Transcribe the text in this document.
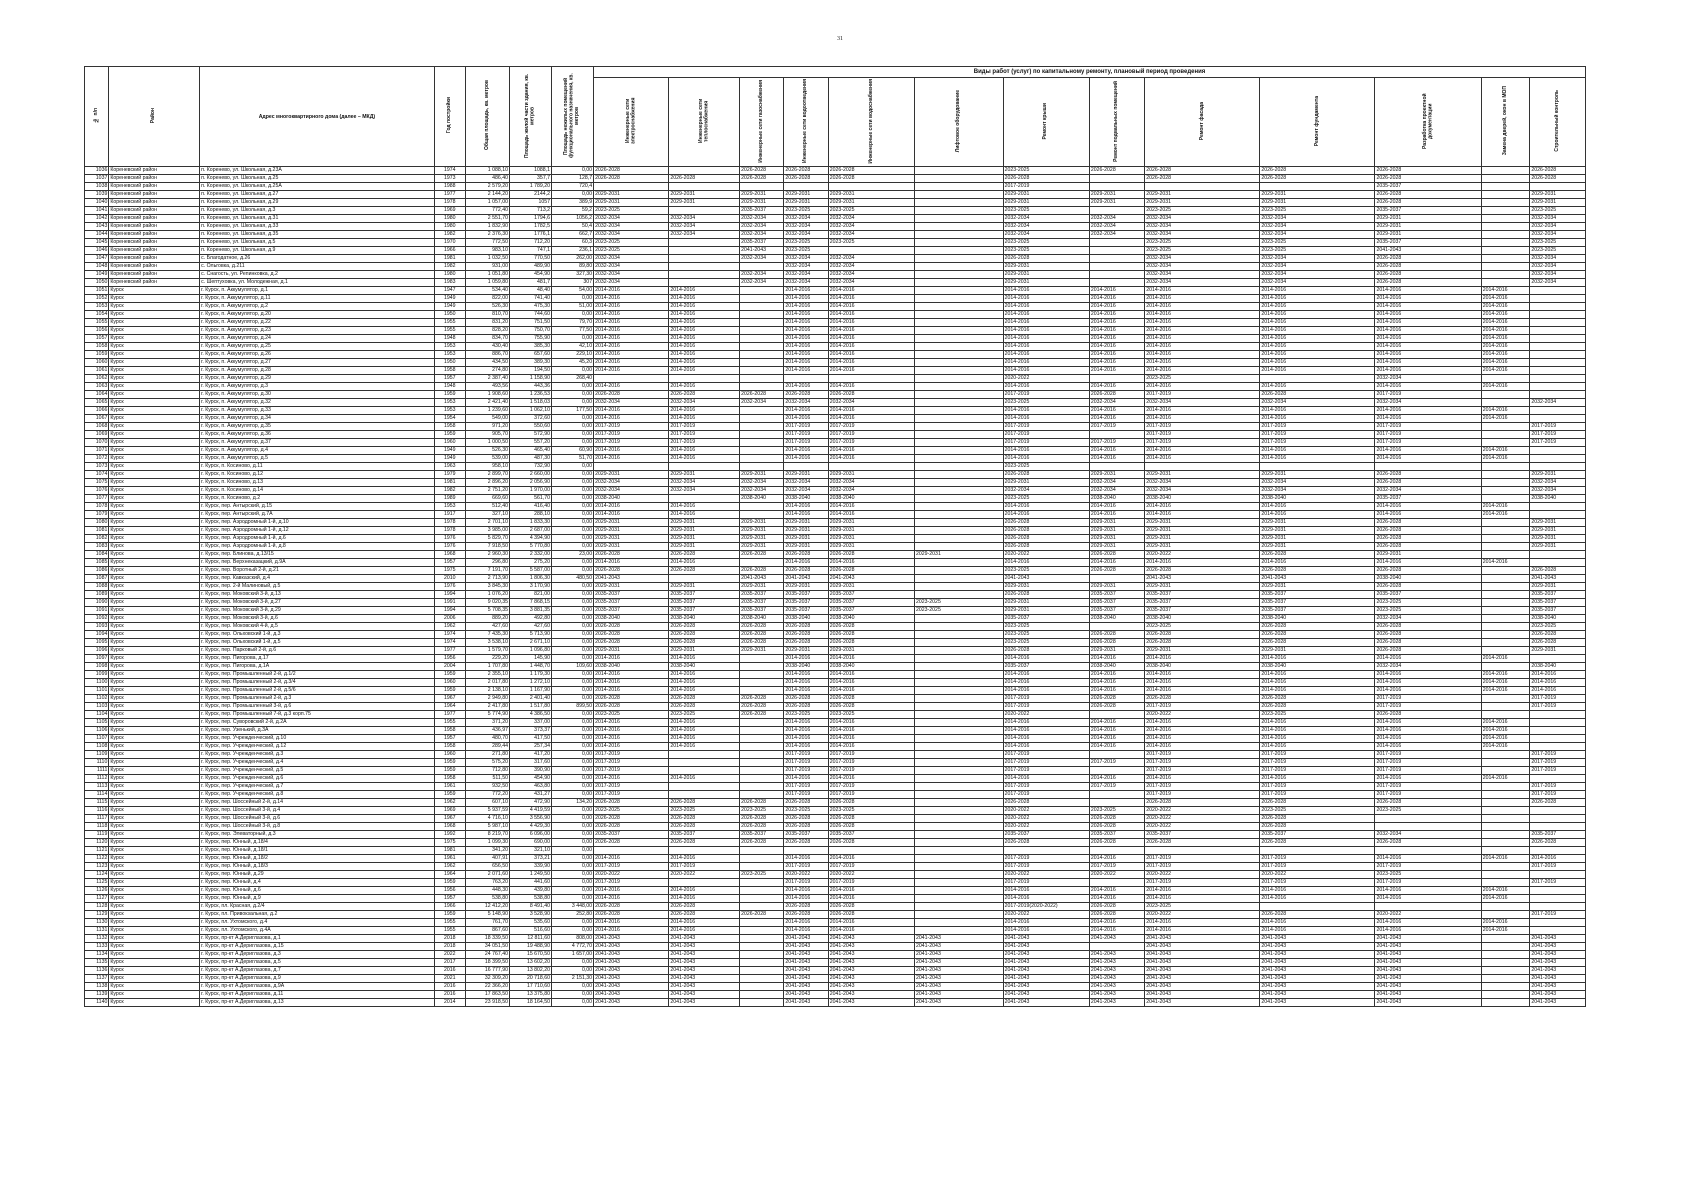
31
№ п/п	Район	Адрес многоквартирного дома (далее – МКД)	Год постройки	Общая площадь, кв. метров	Площадь жилой части здания, кв. метров	Площадь нежилых помещений функционального назначения, кв. метров	Виды работ (услуг) по капитальному ремонту, плановый период проведения												
							Инженерные сети электроснабжения	Инженерные сети теплоснабжения	Инженерные сети газоснабжения	Инженерные сети водоотведения	Инженерные сети водоснабжения	Лифтовое оборудование	Ремонт крыши	Ремонт подвальных помещений	Ремонт фасада	Ремонт фундамента	Разработка проектной документации	Замена дверей, окон в МОП	Строительный контроль
1036	Кореневский район	п. Коренево, ул. Школьная, д.23А	1974	1 088,10	1088,1	0,00	2026-2028		2026-2028	2026-2028	2026-2028		2023-2025	2026-2028	2026-2028	2026-2028	2026-2028		2026-2028
1037	Кореневский район	п. Коренево, ул. Школьная, д.25	1973	486,40	357,7	128,7	2026-2028	2026-2028	2026-2028	2026-2028	2026-2028		2026-2028		2026-2028	2026-2028	2026-2028		2026-2028
1038	Кореневский район	п. Коренево, ул. Школьная, д.25А	1988	2 579,20	1 789,20	720,4							2017-2019				2035-2037		
1039	Кореневский район	п. Коренево, ул. Школьная, д.27	1977	2 144,20	2144,2	0,00	2029-2031	2029-2031	2029-2031	2029-2031	2029-2031		2029-2031	2029-2031	2029-2031	2029-2031	2026-2028		2029-2031
1040	Кореневский район	п. Коренево, ул. Школьная, д.29	1978	1 057,00	1057	389,9	2029-2031	2029-2031	2029-2031	2029-2031	2029-2031		2029-2031	2029-2031	2029-2031	2029-2031	2026-2028		2029-2031
1041	Кореневский район	п. Коренево, ул. Школьная, д.3	1969	772,40	713,2	59,2	2023-2025		2035-2037	2023-2025	2023-2025		2023-2025		2023-2025	2023-2025	2035-2037		2023-2025
1042	Кореневский район	п. Коренево, ул. Школьная, д.31	1980	2 551,70	1794,6	1056,2	2032-2034	2032-2034	2032-2034	2032-2034	2032-2034		2032-2034	2032-2034	2032-2034	2032-2034	2029-2031		2032-2034
1043	Кореневский район	п. Коренево, ул. Школьная, д.33	1980	1 832,90	1782,5	50,4	2032-2034	2032-2034	2032-2034	2032-2034	2032-2034		2032-2034	2032-2034	2032-2034	2032-2034	2029-2031		2032-2034
1044	Кореневский район	п. Коренево, ул. Школьная, д.35	1982	2 376,30	1776,1	662,7	2032-2034	2032-2034	2032-2034	2032-2034	2032-2034		2032-2034	2032-2034	2032-2034	2032-2034	2029-2031		2032-2034
1045	Кореневский район	п. Коренево, ул. Школьная, д.5	1970	772,50	712,20	60,3	2023-2025		2035-2037	2023-2025	2023-2025		2023-2025		2023-2025	2023-2025	2035-2037		2023-2025
1046	Кореневский район	п. Коренево, ул. Школьная, д.9	1966	983,10	747,1	236,1	2023-2025		2041-2043	2023-2025			2023-2025		2023-2025	2023-2025	2041-2043		2023-2025
1047	Кореневский район	с. Благодатное, д.26	1981	1 032,50	770,50	262,00	2032-2034		2032-2034	2032-2034	2032-2034		2026-2028		2032-2034	2032-2034	2026-2028		2032-2034
1048	Кореневский район	с. Ольговка, д.211	1982	931,00	489,90	89,80	2032-2034			2032-2034	2032-2034		2029-2031		2032-2034	2032-2034	2026-2028		2032-2034
1049	Кореневский район	с. Снагость, ул. Репинковка, д.2	1980	1 051,80	454,90	327,30	2032-2034		2032-2034	2032-2034	2032-2034		2029-2031		2032-2034	2032-2034	2026-2028		2032-2034
1050	Кореневский район	с. Шептуховка, ул. Молодежная, д.1	1983	1 059,80	481,7	307	2032-2034		2032-2034	2032-2034	2032-2034		2029-2031		2032-2034	2032-2034	2026-2028		2032-2034
1051	Курск	г. Курск, п. Аккумулятор, д.1	1947	534,40	48,40	54,00	2014-2016	2014-2016		2014-2016	2014-2016		2014-2016	2014-2016	2014-2016	2014-2016	2014-2016	2014-2016	
1052	Курск	г. Курск, п. Аккумулятор, д.11	1949	822,00	741,40	0,00	2014-2016	2014-2016		2014-2016	2014-2016		2014-2016	2014-2016	2014-2016	2014-2016	2014-2016	2014-2016	
1053	Курск	г. Курск, п. Аккумулятор, д.2	1949	526,30	475,30	51,00	2014-2016	2014-2016		2014-2016	2014-2016		2014-2016	2014-2016	2014-2016	2014-2016	2014-2016	2014-2016	
1054	Курск	г. Курск, п. Аккумулятор, д.20	1950	810,70	744,60	0,00	2014-2016	2014-2016		2014-2016	2014-2016		2014-2016	2014-2016	2014-2016	2014-2016	2014-2016	2014-2016	
1055	Курск	г. Курск, п. Аккумулятор, д.22	1955	831,20	751,50	79,70	2014-2016	2014-2016		2014-2016	2014-2016		2014-2016	2014-2016	2014-2016	2014-2016	2014-2016	2014-2016	
1056	Курск	г. Курск, п. Аккумулятор, д.23	1955	828,20	750,70	77,50	2014-2016	2014-2016		2014-2016	2014-2016		2014-2016	2014-2016	2014-2016	2014-2016	2014-2016	2014-2016	
1057	Курск	г. Курск, п. Аккумулятор, д.24	1948	834,70	755,90	0,00	2014-2016	2014-2016		2014-2016	2014-2016		2014-2016	2014-2016	2014-2016	2014-2016	2014-2016	2014-2016	
1058	Курск	г. Курск, п. Аккумулятор, д.25	1953	430,40	385,30	42,10	2014-2016	2014-2016		2014-2016	2014-2016		2014-2016	2014-2016	2014-2016	2014-2016	2014-2016	2014-2016	
1059	Курск	г. Курск, п. Аккумулятор, д.26	1953	886,70	657,60	229,10	2014-2016	2014-2016		2014-2016	2014-2016		2014-2016	2014-2016	2014-2016	2014-2016	2014-2016	2014-2016	
1060	Курск	г. Курск, п. Аккумулятор, д.27	1950	434,50	389,30	45,20	2014-2016	2014-2016		2014-2016	2014-2016		2014-2016	2014-2016	2014-2016	2014-2016	2014-2016	2014-2016	
1061	Курск	г. Курск, п. Аккумулятор, д.28	1958	274,80	194,50	0,00	2014-2016	2014-2016		2014-2016	2014-2016		2014-2016	2014-2016	2014-2016	2014-2016	2014-2016	2014-2016	
1062	Курск	г. Курск, п. Аккумулятор, д.29	1957	2 387,40	1 158,90	268,40							2020-2022		2023-2025		2032-2034		
1063	Курск	г. Курск, п. Аккумулятор, д.3	1948	493,56	443,36	0,00	2014-2016	2014-2016		2014-2016	2014-2016		2014-2016	2014-2016	2014-2016	2014-2016	2014-2016	2014-2016	
1064	Курск	г. Курск, п. Аккумулятор, д.30	1959	1 908,60	1 236,53	0,00	2026-2028	2026-2028	2026-2028	2026-2028	2026-2028		2017-2019	2026-2028	2017-2019	2026-2028	2017-2019		
1065	Курск	г. Курск, п. Аккумулятор, д.32	1953	2 421,40	1 518,03	0,00	2032-2034	2032-2034	2032-2034	2032-2034	2032-2034		2023-2025	2032-2034	2032-2034	2032-2034	2032-2034		2032-2034
1066	Курск	г. Курск, п. Аккумулятор, д.33	1953	1 239,60	1 062,10	177,50	2014-2016	2014-2016		2014-2016	2014-2016		2014-2016	2014-2016	2014-2016	2014-2016	2014-2016	2014-2016	
1067	Курск	г. Курск, п. Аккумулятор, д.34	1954	549,00	372,60	0,00	2014-2016	2014-2016		2014-2016	2014-2016		2014-2016	2014-2016	2014-2016	2014-2016	2014-2016	2014-2016	
1068	Курск	г. Курск, п. Аккумулятор, д.35	1958	971,20	550,60	0,00	2017-2019	2017-2019		2017-2019	2017-2019		2017-2019	2017-2019	2017-2019	2017-2019	2017-2019		2017-2019
1069	Курск	г. Курск, п. Аккумулятор, д.36	1959	905,70	572,90	0,00	2017-2019	2017-2019		2017-2019	2017-2019		2017-2019		2017-2019	2017-2019	2017-2019		2017-2019
1070	Курск	г. Курск, п. Аккумулятор, д.37	1960	1 000,50	557,20	0,00	2017-2019	2017-2019		2017-2019	2017-2019		2017-2019	2017-2019	2017-2019	2017-2019	2017-2019		2017-2019
1071	Курск	г. Курск, п. Аккумулятор, д.4	1949	526,30	465,40	60,90	2014-2016	2014-2016		2014-2016	2014-2016		2014-2016	2014-2016	2014-2016	2014-2016	2014-2016	2014-2016	
1072	Курск	г. Курск, п. Аккумулятор, д.5	1949	539,00	487,30	51,70	2014-2016	2014-2016		2014-2016	2014-2016		2014-2016	2014-2016	2014-2016	2014-2016	2014-2016	2014-2016	
1073	Курск	г. Курск, п. Косиново, д.11	1963	958,10	732,90	0,00							2023-2025						
1074	Курск	г. Курск, п. Косиново, д.12	1979	2 899,70	2 660,00	0,00	2029-2031	2029-2031	2029-2031	2029-2031	2029-2031		2026-2028	2029-2031	2029-2031	2029-2031	2026-2028		2029-2031
1075	Курск	г. Курск, п. Косиново, д.13	1981	2 896,20	2 056,90	0,00	2032-2034	2032-2034	2032-2034	2032-2034	2032-2034		2029-2031	2032-2034	2032-2034	2032-2034	2026-2028		2032-2034
1076	Курск	г. Курск, п. Косиново, д.14	1982	2 751,20	1 970,00	0,00	2032-2034	2032-2034	2032-2034	2032-2034	2032-2034		2032-2034	2032-2034	2032-2034	2032-2034	2032-2034		2032-2034
1077	Курск	г. Курск, п. Косиново, д.2	1989	669,60	561,70	0,00	2038-2040		2038-2040	2038-2040	2038-2040		2023-2025	2038-2040	2038-2040	2038-2040	2035-2037		2038-2040
1078	Курск	г. Курск, пер. Антырский, д.15	1953	512,40	416,40	0,00	2014-2016	2014-2016		2014-2016	2014-2016		2014-2016	2014-2016	2014-2016	2014-2016	2014-2016	2014-2016	
1079	Курск	г. Курск, пер. Антырский, д.7А	1917	327,10	288,10	0,00	2014-2016	2014-2016		2014-2016	2014-2016		2014-2016	2014-2016	2014-2016	2014-2016	2014-2016	2014-2016	
1080	Курск	г. Курск, пер. Аэродромный 1-й, д.10	1978	2 701,10	1 833,30	0,00	2029-2031	2029-2031	2029-2031	2029-2031	2029-2031		2026-2028	2029-2031	2029-2031	2029-2031	2026-2028		2029-2031
1081	Курск	г. Курск, пер. Аэродромный 1-й, д.12	1978	3 985,00	2 687,00	0,00	2029-2031	2029-2031	2029-2031	2029-2031	2029-2031		2026-2028	2029-2031	2029-2031	2029-2031	2026-2028		2029-2031
1082	Курск	г. Курск, пер. Аэродромный 1-й, д.6	1976	5 829,70	4 394,90	0,00	2029-2031	2029-2031	2029-2031	2029-2031	2029-2031		2026-2028	2029-2031	2029-2031	2029-2031	2026-2028		2029-2031
1083	Курск	г. Курск, пер. Аэродромный 1-й, д.8	1976	7 918,50	5 770,80	0,00	2029-2031	2029-2031	2029-2031	2029-2031	2029-2031		2026-2028	2029-2031	2029-2031	2029-2031	2026-2028		2029-2031
1084	Курск	г. Курск, пер. Блинова, д.13/15	1968	2 960,30	2 332,00	23,00	2026-2028	2026-2028	2026-2028	2026-2028	2026-2028	2029-2031	2020-2022	2026-2028	2020-2022	2026-2028	2029-2031		
1085	Курск	г. Курск, пер. Верхнеказацкий, д.9А	1957	296,80	275,20	0,00	2014-2016	2014-2016		2014-2016	2014-2016		2014-2016	2014-2016	2014-2016	2014-2016	2014-2016	2014-2016	
1086	Курск	г. Курск, пер. Воротный 2-й, д.21	1975	7 191,70	5 587,00	0,00	2026-2028	2026-2028	2026-2028	2026-2028	2026-2028		2023-2025	2026-2028	2026-2028	2026-2028	2026-2028		2026-2028
1087	Курск	г. Курск, пер. Кавказский, д.4	2010	2 713,90	1 806,30	480,50	2041-2043		2041-2043	2041-2043	2041-2043		2041-2043		2041-2043	2041-2043	2038-2040		2041-2043
1088	Курск	г. Курск, пер. 2-й Малиновый, д.5	1976	3 845,30	3 170,90	0,00	2029-2031	2029-2031	2029-2031	2029-2031	2029-2031		2029-2031	2029-2031	2029-2031	2029-2031	2026-2028		2029-2031
1089	Курск	г. Курск, пер. Моковский 3-й, д.13	1994	1 076,20	821,00	0,00	2035-2037	2035-2037	2035-2037	2035-2037	2035-2037		2026-2028	2035-2037	2035-2037	2035-2037	2035-2037		2035-2037
1090	Курск	г. Курск, пер. Моковский 3-й, д.27	1991	9 020,35	7 868,15	0,00	2035-2037	2035-2037	2035-2037	2035-2037	2035-2037	2023-2025	2029-2031	2035-2037	2035-2037	2035-2037	2023-2025		2035-2037
1091	Курск	г. Курск, пер. Моковский 3-й, д.29	1994	5 708,35	3 881,35	0,00	2035-2037	2035-2037	2035-2037	2035-2037	2035-2037	2023-2025	2029-2031	2035-2037	2035-2037	2035-2037	2023-2025		2035-2037
1092	Курск	г. Курск, пер. Моковский 3-й, д.6	2006	889,20	492,80	0,00	2038-2040	2038-2040	2038-2040	2038-2040	2038-2040		2035-2037	2038-2040	2038-2040	2038-2040	2032-2034		2038-2040
1093	Курск	г. Курск, пер. Моковский 4-й, д.5	1962	427,60	427,60	0,00	2026-2028	2026-2028	2026-2028	2026-2028	2026-2028		2023-2025		2023-2025	2026-2028	2026-2028		2023-2025
1094	Курск	г. Курск, пер. Ольховский 1-й, д.3	1974	7 435,30	5 713,90	0,00	2026-2028	2026-2028	2026-2028	2026-2028	2026-2028		2023-2025	2026-2028	2026-2028	2026-2028	2026-2028		2026-2028
1095	Курск	г. Курск, пер. Ольховский 1-й, д.5	1974	3 538,10	2 671,10	0,00	2026-2028	2026-2028	2026-2028	2026-2028	2026-2028		2023-2025	2026-2028	2026-2028	2026-2028	2026-2028		2026-2028
1096	Курск	г. Курск, пер. Парковый 2-й, д.6	1977	1 579,70	1 096,80	0,00	2029-2031	2029-2031	2029-2031	2029-2031	2029-2031		2026-2028	2029-2031	2029-2031	2029-2031	2026-2028		2029-2031
1097	Курск	г. Курск, пер. Пигорова, д.17	1956	229,20	145,90	0,00	2014-2016	2014-2016		2014-2016	2014-2016		2014-2016	2014-2016	2014-2016	2014-2016	2014-2016	2014-2016	
1098	Курск	г. Курск, пер. Пигорова, д.1А	2004	1 707,80	1 448,70	109,60	2038-2040	2038-2040		2038-2040	2038-2040		2035-2037	2038-2040	2038-2040	2038-2040	2032-2034		2038-2040
1099	Курск	г. Курск, пер. Промышленный 2-й, д.1/2	1959	2 355,10	1 179,30	0,00	2014-2016	2014-2016		2014-2016	2014-2016		2014-2016	2014-2016	2014-2016	2014-2016	2014-2016	2014-2016	2014-2016
1100	Курск	г. Курск, пер. Промышленный 2-й, д.3/4	1960	2 017,80	1 272,10	0,00	2014-2016	2014-2016		2014-2016	2014-2016		2014-2016	2014-2016	2014-2016	2014-2016	2014-2016	2014-2016	2014-2016
1101	Курск	г. Курск, пер. Промышленный 2-й, д.5/6	1959	2 138,10	1 167,90	0,00	2014-2016	2014-2016		2014-2016	2014-2016		2014-2016	2014-2016	2014-2016	2014-2016	2014-2016	2014-2016	2014-2016
1102	Курск	г. Курск, пер. Промышленный 2-й, д.3	1967	2 949,80	2 401,40	0,00	2026-2028	2026-2028	2026-2028	2026-2028	2026-2028		2017-2019	2026-2028	2026-2028	2026-2028	2017-2019		2017-2019
1103	Курск	г. Курск, пер. Промышленный 3-й, д.6	1964	2 417,80	1 517,80	899,50	2026-2028	2026-2028	2026-2028	2026-2028	2026-2028		2017-2019	2026-2028	2017-2019	2026-2028	2017-2019		2017-2019
1104	Курск	г. Курск, пер. Промышленный 7-й, д.3 корп.75	1977	5 774,90	4 386,50	0,00	2023-2025	2023-2025	2026-2028	2023-2025	2023-2025		2020-2022		2020-2022	2023-2025	2026-2028		
1105	Курск	г. Курск, пер. Суворовский 2-й, д.2А	1955	371,20	337,00	0,00	2014-2016	2014-2016		2014-2016	2014-2016		2014-2016	2014-2016	2014-2016	2014-2016	2014-2016	2014-2016	
1106	Курск	г. Курск, пер. Узенький, д.3А	1958	436,97	373,37	0,00	2014-2016	2014-2016		2014-2016	2014-2016		2014-2016	2014-2016	2014-2016	2014-2016	2014-2016	2014-2016	
1107	Курск	г. Курск, пер. Учрежденческий, д.10	1957	480,70	417,50	0,00	2014-2016	2014-2016		2014-2016	2014-2016		2014-2016	2014-2016	2014-2016	2014-2016	2014-2016	2014-2016	
1108	Курск	г. Курск, пер. Учрежденческий, д.12	1958	289,44	257,34	0,00	2014-2016	2014-2016		2014-2016	2014-2016		2014-2016	2014-2016	2014-2016	2014-2016	2014-2016	2014-2016	
1109	Курск	г. Курск, пер. Учрежденческий, д.3	1960	271,80	417,20	0,00	2017-2019			2017-2019	2017-2019		2017-2019		2017-2019	2017-2019	2017-2019		2017-2019
1110	Курск	г. Курск, пер. Учрежденческий, д.4	1959	575,20	317,60	0,00	2017-2019			2017-2019	2017-2019		2017-2019	2017-2019	2017-2019	2017-2019	2017-2019		2017-2019
1111	Курск	г. Курск, пер. Учрежденческий, д.5	1959	712,80	390,90	0,00	2017-2019			2017-2019	2017-2019		2017-2019		2017-2019	2017-2019	2017-2019		2017-2019
1112	Курск	г. Курск, пер. Учрежденческий, д.6	1958	511,50	454,90	0,00	2014-2016	2014-2016		2014-2016	2014-2016		2014-2016	2014-2016	2014-2016	2014-2016	2014-2016	2014-2016	
1113	Курск	г. Курск, пер. Учрежденческий, д.7	1961	932,50	463,80	0,00	2017-2019			2017-2019	2017-2019		2017-2019	2017-2019	2017-2019	2017-2019	2017-2019		2017-2019
1114	Курск	г. Курск, пер. Учрежденческий, д.8	1959	772,20	431,27	0,00	2017-2019			2017-2019	2017-2019		2017-2019		2017-2019	2017-2019	2017-2019		2017-2019
1115	Курск	г. Курск, пер. Шоссейный 2-й, д.14	1962	607,10	472,90	134,20	2026-2028	2026-2028	2026-2028	2026-2028	2026-2028		2026-2028		2026-2028	2026-2028	2026-2028		2026-2028
1116	Курск	г. Курск, пер. Шоссейный 3-й, д.4	1969	5 937,59	4 419,59	0,00	2023-2025	2023-2025	2023-2025	2023-2025	2023-2025		2020-2022	2023-2025	2020-2022	2023-2025	2023-2025		
1117	Курск	г. Курск, пер. Шоссейный 3-й, д.6	1967	4 716,10	3 556,90	0,00	2026-2028	2026-2028	2026-2028	2026-2028	2026-2028		2020-2022	2026-2028	2020-2022	2026-2028			
1118	Курск	г. Курск, пер. Шоссейный 3-й, д.8	1968	5 987,10	4 429,30	0,00	2026-2028	2026-2028	2026-2028	2026-2028	2026-2028		2020-2022	2026-2028	2020-2022	2026-2028			
1119	Курск	г. Курск, пер. Элеваторный, д.3	1992	8 219,70	6 096,00	0,00	2035-2037	2035-2037	2035-2037	2035-2037	2035-2037		2035-2037	2035-2037	2035-2037	2035-2037	2032-2034		2035-2037
1120	Курск	г. Курск, пер. Юнный, д.18/4	1975	1 099,30	690,00	0,00	2026-2028	2026-2028	2026-2028	2026-2028	2026-2028		2026-2028	2026-2028	2026-2028	2026-2028	2026-2028		2026-2028
1121	Курск	г. Курск, пер. Юнный, д.18/1	1981	341,20	321,10	0,00													
1122	Курск	г. Курск, пер. Юнный, д.18/2	1961	407,91	373,21	0,00	2014-2016	2014-2016		2014-2016	2014-2016		2017-2019	2014-2016	2017-2019	2017-2019	2014-2016	2014-2016	2014-2016
1123	Курск	г. Курск, пер. Юнный, д.18/3	1962	656,50	339,90	0,00	2017-2019	2017-2019		2017-2019	2017-2019		2017-2019	2017-2019	2017-2019	2017-2019	2017-2019		2017-2019
1124	Курск	г. Курск, пер. Юнный, д.29	1964	2 071,60	1 249,50	0,00	2020-2022	2020-2022	2023-2025	2020-2022	2020-2022		2020-2022	2020-2022	2020-2022	2020-2022	2023-2025		
1125	Курск	г. Курск, пер. Юнный, д.4	1959	763,20	441,60	0,00	2017-2019			2017-2019	2017-2019		2017-2019		2017-2019	2017-2019	2017-2019		2017-2019
1126	Курск	г. Курск, пер. Юнный, д.6	1956	448,30	439,80	0,00	2014-2016	2014-2016		2014-2016	2014-2016		2014-2016	2014-2016	2014-2016	2014-2016	2014-2016	2014-2016	
1127	Курск	г. Курск, пер. Юнный, д.9	1957	538,80	538,80	0,00	2014-2016	2014-2016		2014-2016	2014-2016		2014-2016	2014-2016	2014-2016	2014-2016	2014-2016	2014-2016	
1128	Курск	г. Курск, пл. Красная, д.2/4	1966	12 412,20	8 491,40	3 448,00	2026-2028	2026-2028		2026-2028	2026-2028		2017-2019(2020-2022)	2026-2028	2023-2025				
1129	Курск	г. Курск, пл. Привокзальная, д.2	1959	5 148,90	3 528,90	252,80	2026-2028	2026-2028	2026-2028	2026-2028	2026-2028		2020-2022	2026-2028	2020-2022	2026-2028	2020-2022		2017-2019
1130	Курск	г. Курск, пл. Ухтомского, д.4	1955	761,70	535,60	0,00	2014-2016	2014-2016		2014-2016	2014-2016		2014-2016	2014-2016	2014-2016	2014-2016	2014-2016	2014-2016	
1131	Курск	г. Курск, пл. Ухтомского, д.4А	1955	867,60	516,60	0,00	2014-2016	2014-2016		2014-2016	2014-2016		2014-2016	2014-2016	2014-2016	2014-2016	2014-2016	2014-2016	
1132	Курск	г. Курск, пр-кт А.Дериглазова, д.1	2018	18 339,50	12 811,60	808,00	2041-2043	2041-2043		2041-2043	2041-2043	2041-2043	2041-2043	2041-2043	2041-2043	2041-2043	2041-2043		2041-2043
1133	Курск	г. Курск, пр-кт А.Дериглазова, д.15	2018	34 051,50	19 488,90	4 772,70	2041-2043	2041-2043		2041-2043	2041-2043	2041-2043	2041-2043		2041-2043	2041-2043	2041-2043		2041-2043
1134	Курск	г. Курск, пр-кт А.Дериглазова, д.3	2022	24 767,40	15 670,50	1 657,00	2041-2043	2041-2043		2041-2043	2041-2043	2041-2043	2041-2043	2041-2043	2041-2043	2041-2043	2041-2043		2041-2043
1135	Курск	г. Курск, пр-кт А.Дериглазова, д.5	2017	18 399,50	13 602,20	0,00	2041-2043	2041-2043		2041-2043	2041-2043	2041-2043	2041-2043	2041-2043	2041-2043	2041-2043	2041-2043		2041-2043
1136	Курск	г. Курск, пр-кт А.Дериглазова, д.7	2016	16 777,90	13 802,20	0,00	2041-2043	2041-2043		2041-2043	2041-2043	2041-2043	2041-2043	2041-2043	2041-2043	2041-2043	2041-2043		2041-2043
1137	Курск	г. Курск, пр-кт А.Дериглазова, д.9	2021	32 309,20	20 718,60	2 151,30	2041-2043	2041-2043		2041-2043	2041-2043	2041-2043	2041-2043	2041-2043	2041-2043	2041-2043	2041-2043		2041-2043
1138	Курск	г. Курск, пр-кт А.Дериглазова, д.9А	2016	22 366,20	17 710,60	0,00	2041-2043	2041-2043		2041-2043	2041-2043	2041-2043	2041-2043	2041-2043	2041-2043	2041-2043	2041-2043		2041-2043
1139	Курск	г. Курск, пр-кт А.Дериглазова, д.11	2016	17 863,50	13 375,80	0,00	2041-2043	2041-2043		2041-2043	2041-2043	2041-2043	2041-2043	2041-2043	2041-2043	2041-2043	2041-2043		2041-2043
1140	Курск	г. Курск, пр-кт А.Дериглазова, д.13	2014	23 918,50	18 164,50	0,00	2041-2043	2041-2043		2041-2043	2041-2043	2041-2043	2041-2043	2041-2043	2041-2043	2041-2043	2041-2043		2041-2043
